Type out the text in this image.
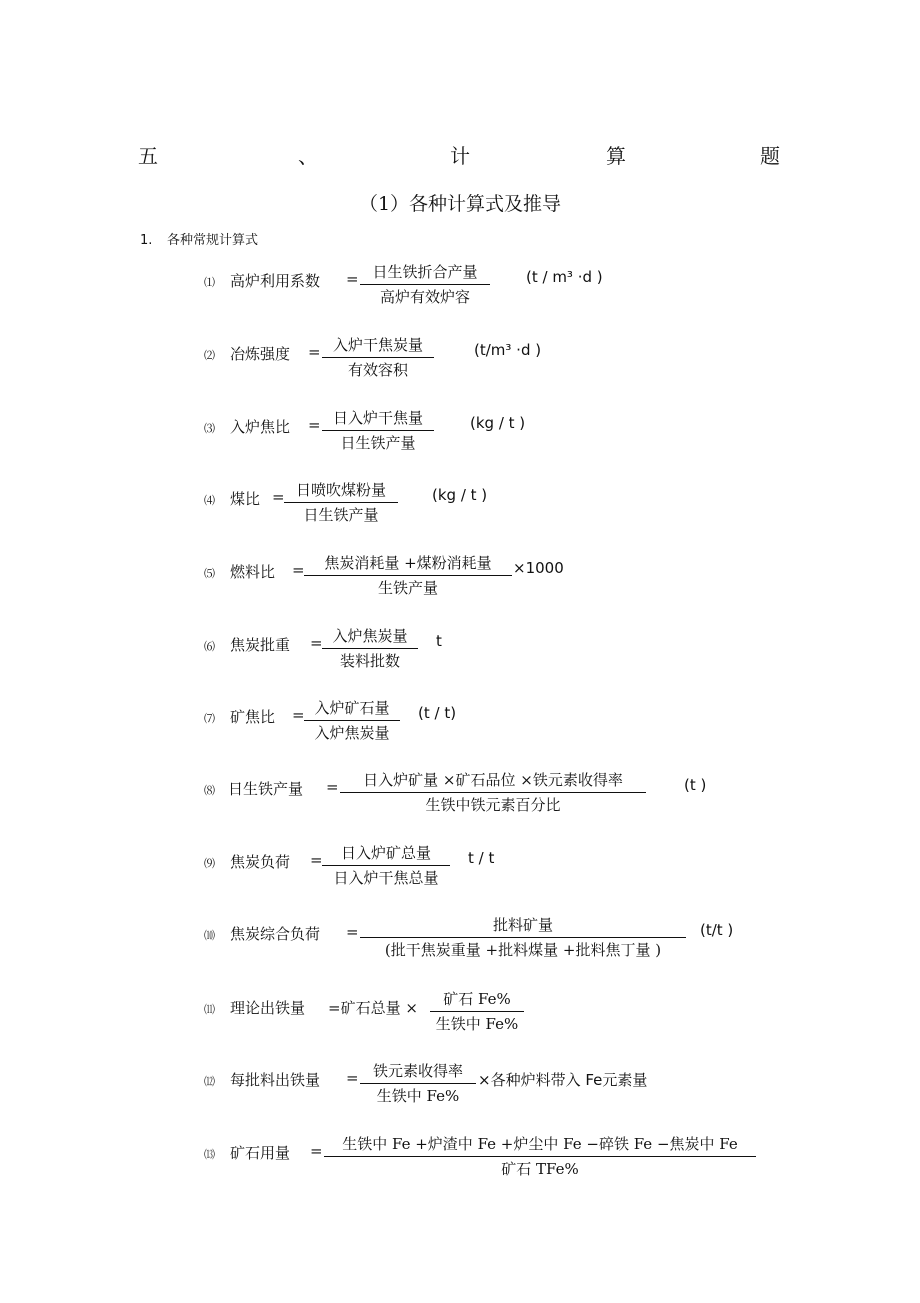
五	、	计	算	题
（1）各种计算式及推导
1. 各种常规计算式
⑴ 高炉利用系数 = 日生铁折合产量
高炉有效炉容
(t / m³ ·d )
⑵ 冶炼强度 = 入炉干焦炭量
有效容积
(t/m³ ·d )
⑶ 入炉焦比 = 日入炉干焦量
日生铁产量
(kg / t )
⑷ 煤比 = 日喷吹煤粉量
日生铁产量
(kg / t )
⑸ 燃料比 =	焦炭消耗量 +煤粉消耗量
生铁产量
×1000
⑹ 焦炭批重 = 入炉焦炭量
装料批数
t
⑺ 矿焦比 = 入炉矿石量
入炉焦炭量
(t / t)
⑻ 日生铁产量 =	日入炉矿量 ×矿石品位 ×铁元素收得率
生铁中铁元素百分比
(t )
⑼ 焦炭负荷 =	日入炉矿总量
日入炉干焦总量
t / t
⑽ 焦炭综合负荷 =	批料矿量
(批干焦炭重量 +批料煤量 +批料焦丁量 )
(t/t )
⑾ 理论出铁量 =矿石总量 ×	矿石 Fe%
生铁中 Fe%
⑿ 每批料出铁量 = 铁元素收得率
生铁中 Fe%
×各种炉料带入 Fe元素量
⒀ 矿石用量 =	生铁中 Fe +炉渣中 Fe +炉尘中 Fe −碎铁 Fe −焦炭中 Fe
矿石 TFe%
